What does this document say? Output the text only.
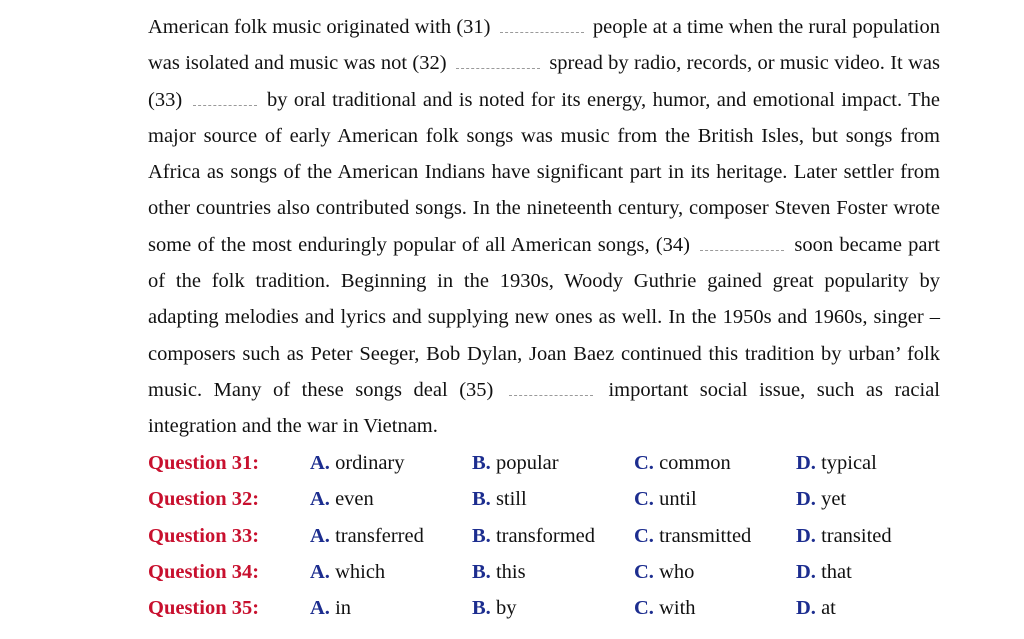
American folk music originated with (31)	people at a time when the rural population was isolated and music was not (32)	spread by radio, records, or music video. It was (33)	by oral traditional and is noted for its energy, humor, and emotional impact. The major source of early American folk songs was music from the British Isles, but songs from Africa as songs of the American Indians have significant part in its heritage. Later settler from other countries also contributed songs. In the nineteenth century, composer Steven Foster wrote some of the most enduringly popular of all American songs, (34)	soon became part of the folk tradition. Beginning in the 1930s, Woody Guthrie gained great popularity by adapting melodies and lyrics and supplying new ones as well. In the 1950s and 1960s, singer – composers such as Peter Seeger, Bob Dylan, Joan Baez continued this tradition by urban’ folk music. Many of these songs deal (35)	important social issue, such as racial integration and the war in Vietnam.

Question 31: A. ordinary	B. popular	C. common	D. typical
Question 32: A. even	B. still	C. until	D. yet
Question 33: A. transferred B. transformed C. transmitted D. transited
Question 34: A. which	B. this	C. who	D. that
Question 35: A. in	B. by	C. with	D. at
